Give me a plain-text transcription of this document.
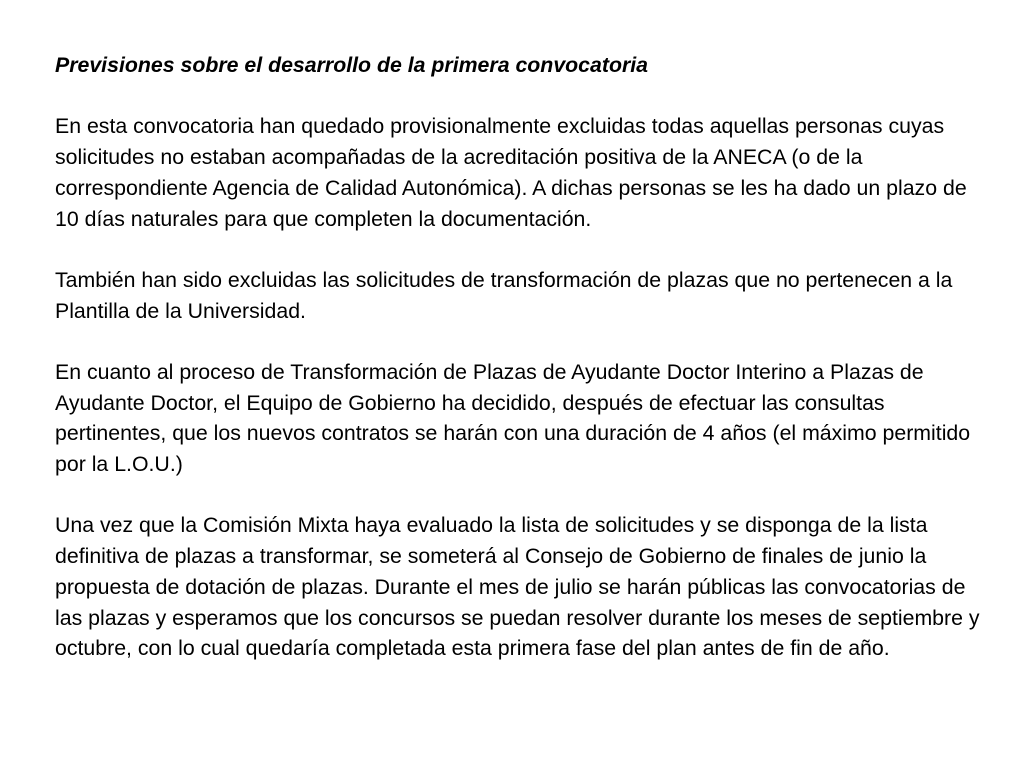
Previsiones sobre el desarrollo de la primera convocatoria

En esta convocatoria han quedado provisionalmente excluidas todas aquellas personas cuyas solicitudes no estaban acompañadas de la acreditación positiva de la ANECA (o de la correspondiente Agencia de Calidad Autonómica). A dichas personas se les ha dado un plazo de 10 días naturales para que completen la documentación.

También han sido excluidas las solicitudes de transformación de plazas que no pertenecen a la Plantilla de la Universidad.

En cuanto al proceso de Transformación de Plazas de Ayudante Doctor Interino a Plazas de Ayudante Doctor, el Equipo de Gobierno ha decidido, después de efectuar las consultas pertinentes, que los nuevos contratos se harán con una duración de 4 años (el máximo permitido por la L.O.U.)

Una vez que la Comisión Mixta haya evaluado la lista de solicitudes y se disponga de la lista definitiva de plazas a transformar, se someterá al Consejo de Gobierno de finales de junio la propuesta de dotación de plazas. Durante el mes de julio se harán públicas las convocatorias de las plazas y esperamos que los concursos se puedan resolver durante los meses de septiembre y octubre, con lo cual quedaría completada esta primera fase del plan antes de fin de año.
